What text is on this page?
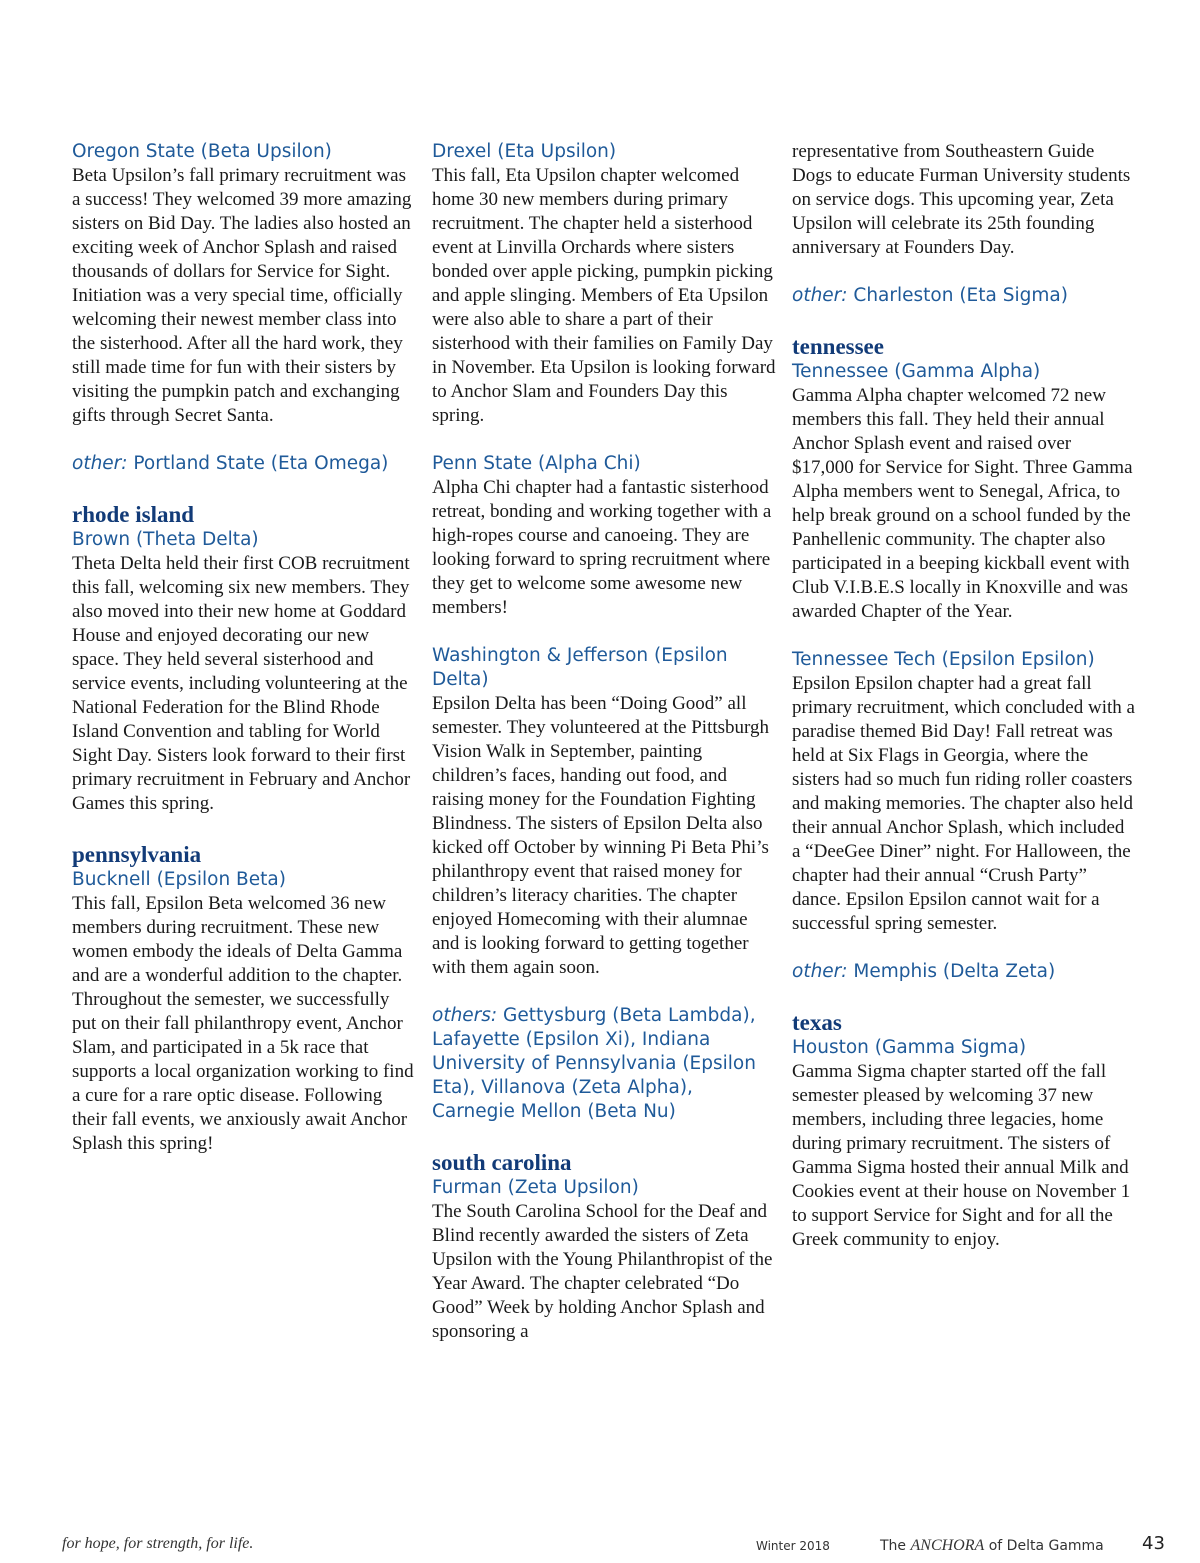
Oregon State (Beta Upsilon)

Beta Upsilon’s fall primary recruitment was a success! They welcomed 39 more amazing sisters on Bid Day. The ladies also hosted an exciting week of Anchor Splash and raised thousands of dollars for Service for Sight. Initiation was a very special time, officially welcoming their newest member class into the sisterhood. After all the hard work, they still made time for fun with their sisters by visiting the pumpkin patch and exchanging gifts through Secret Santa.

other: Portland State (Eta Omega)

rhode island

Brown (Theta Delta)

Theta Delta held their first COB recruitment this fall, welcoming six new members. They also moved into their new home at Goddard House and enjoyed decorating our new space. They held several sisterhood and service events, including volunteering at the National Federation for the Blind Rhode Island Convention and tabling for World Sight Day. Sisters look forward to their first primary recruitment in February and Anchor Games this spring.

pennsylvania

Bucknell (Epsilon Beta)

This fall, Epsilon Beta welcomed 36 new members during recruitment. These new women embody the ideals of Delta Gamma and are a wonderful addition to the chapter. Throughout the semester, we successfully put on their fall philanthropy event, Anchor Slam, and participated in a 5k race that supports a local organization working to find a cure for a rare optic disease. Following their fall events, we anxiously await Anchor Splash this spring!

Drexel (Eta Upsilon)

This fall, Eta Upsilon chapter welcomed home 30 new members during primary recruitment. The chapter held a sisterhood event at Linvilla Orchards where sisters bonded over apple picking, pumpkin picking and apple slinging. Members of Eta Upsilon were also able to share a part of their sisterhood with their families on Family Day in November. Eta Upsilon is looking forward to Anchor Slam and Founders Day this spring.

Penn State (Alpha Chi)

Alpha Chi chapter had a fantastic sisterhood retreat, bonding and working together with a high-ropes course and canoeing. They are looking forward to spring recruitment where they get to welcome some awesome new members!

Washington & Jefferson (Epsilon Delta)

Epsilon Delta has been “Doing Good” all semester. They volunteered at the Pittsburgh Vision Walk in September, painting children’s faces, handing out food, and raising money for the Foundation Fighting Blindness. The sisters of Epsilon Delta also kicked off October by winning Pi Beta Phi’s philanthropy event that raised money for children’s literacy charities. The chapter enjoyed Homecoming with their alumnae and is looking forward to getting together with them again soon.

others: Gettysburg (Beta Lambda), Lafayette (Epsilon Xi), Indiana University of Pennsylvania (Epsilon Eta), Villanova (Zeta Alpha), Carnegie Mellon (Beta Nu)

south carolina

Furman (Zeta Upsilon)

The South Carolina School for the Deaf and Blind recently awarded the sisters of Zeta Upsilon with the Young Philanthropist of the Year Award. The chapter celebrated “Do Good” Week by holding Anchor Splash and sponsoring a

representative from Southeastern Guide Dogs to educate Furman University students on service dogs. This upcoming year, Zeta Upsilon will celebrate its 25th founding anniversary at Founders Day.

other: Charleston (Eta Sigma)

tennessee

Tennessee (Gamma Alpha)

Gamma Alpha chapter welcomed 72 new members this fall. They held their annual Anchor Splash event and raised over $17,000 for Service for Sight. Three Gamma Alpha members went to Senegal, Africa, to help break ground on a school funded by the Panhellenic community. The chapter also participated in a beeping kickball event with Club V.I.B.E.S locally in Knoxville and was awarded Chapter of the Year.

Tennessee Tech (Epsilon Epsilon)

Epsilon Epsilon chapter had a great fall primary recruitment, which concluded with a paradise themed Bid Day! Fall retreat was held at Six Flags in Georgia, where the sisters had so much fun riding roller coasters and making memories. The chapter also held their annual Anchor Splash, which included a “DeeGee Diner” night. For Halloween, the chapter had their annual “Crush Party” dance. Epsilon Epsilon cannot wait for a successful spring semester.

other: Memphis (Delta Zeta)

texas

Houston (Gamma Sigma)

Gamma Sigma chapter started off the fall semester pleased by welcoming 37 new members, including three legacies, home during primary recruitment. The sisters of Gamma Sigma hosted their annual Milk and Cookies event at their house on November 1 to support Service for Sight and for all the Greek community to enjoy.

for hope, for strength, for life.	Winter 2018	The ANCHORA of Delta Gamma 43
